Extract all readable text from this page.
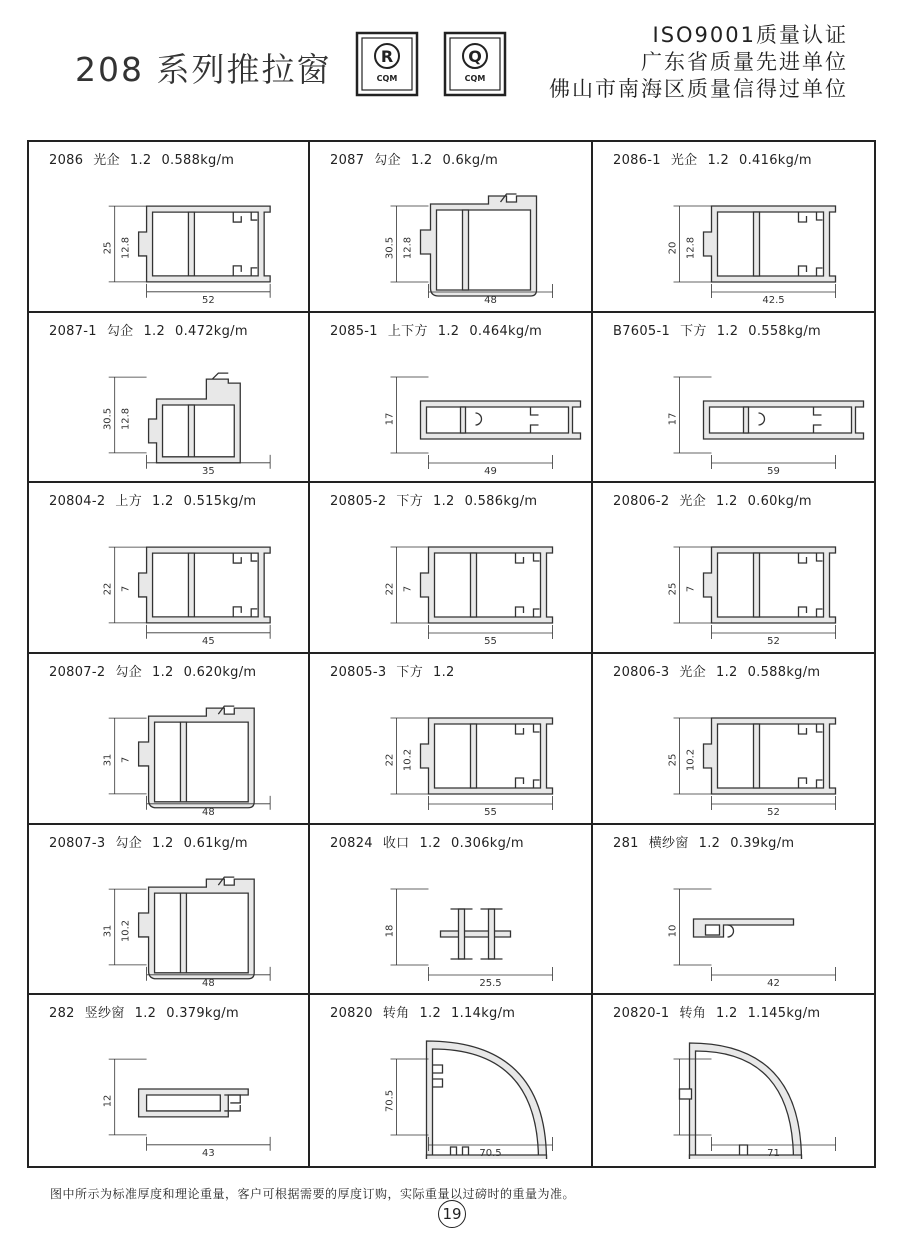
208 系列推拉窗	R
CQM
Q
CQM
ISO9001质量认证
广东省质量先进单位
佛山市南海区质量信得过单位
2086 光企 1.2 0.588kg/m
25 12.8
52
2087 勾企 1.2 0.6kg/m
30.5 12.8
48
2086-1 光企 1.2 0.416kg/m
20 12.8
42.5
2087-1 勾企 1.2 0.472kg/m
30.5 12.8
35
2085-1 上下方 1.2 0.464kg/m
17
49
B7605-1 下方 1.2 0.558kg/m
17
59
20804-2 上方 1.2 0.515kg/m
22 7
45
20805-2 下方 1.2 0.586kg/m
22 7
55
20806-2 光企 1.2 0.60kg/m
25 7
52
20807-2 勾企 1.2 0.620kg/m
31 7
48
20805-3 下方 1.2
22 10.2
55
20806-3 光企 1.2 0.588kg/m
25 10.2
52
20807-3 勾企 1.2 0.61kg/m
31 10.2
48
20824 收口 1.2 0.306kg/m
18
25.5
281 横纱窗 1.2 0.39kg/m
10
42
282 竖纱窗 1.2 0.379kg/m
12
43
20820 转角 1.2 1.14kg/m
70.5
70.5
20820-1 转角 1.2 1.145kg/m
71
图中所示为标准厚度和理论重量，客户可根据需要的厚度订购，实际重量以过磅时的重量为准。
19
